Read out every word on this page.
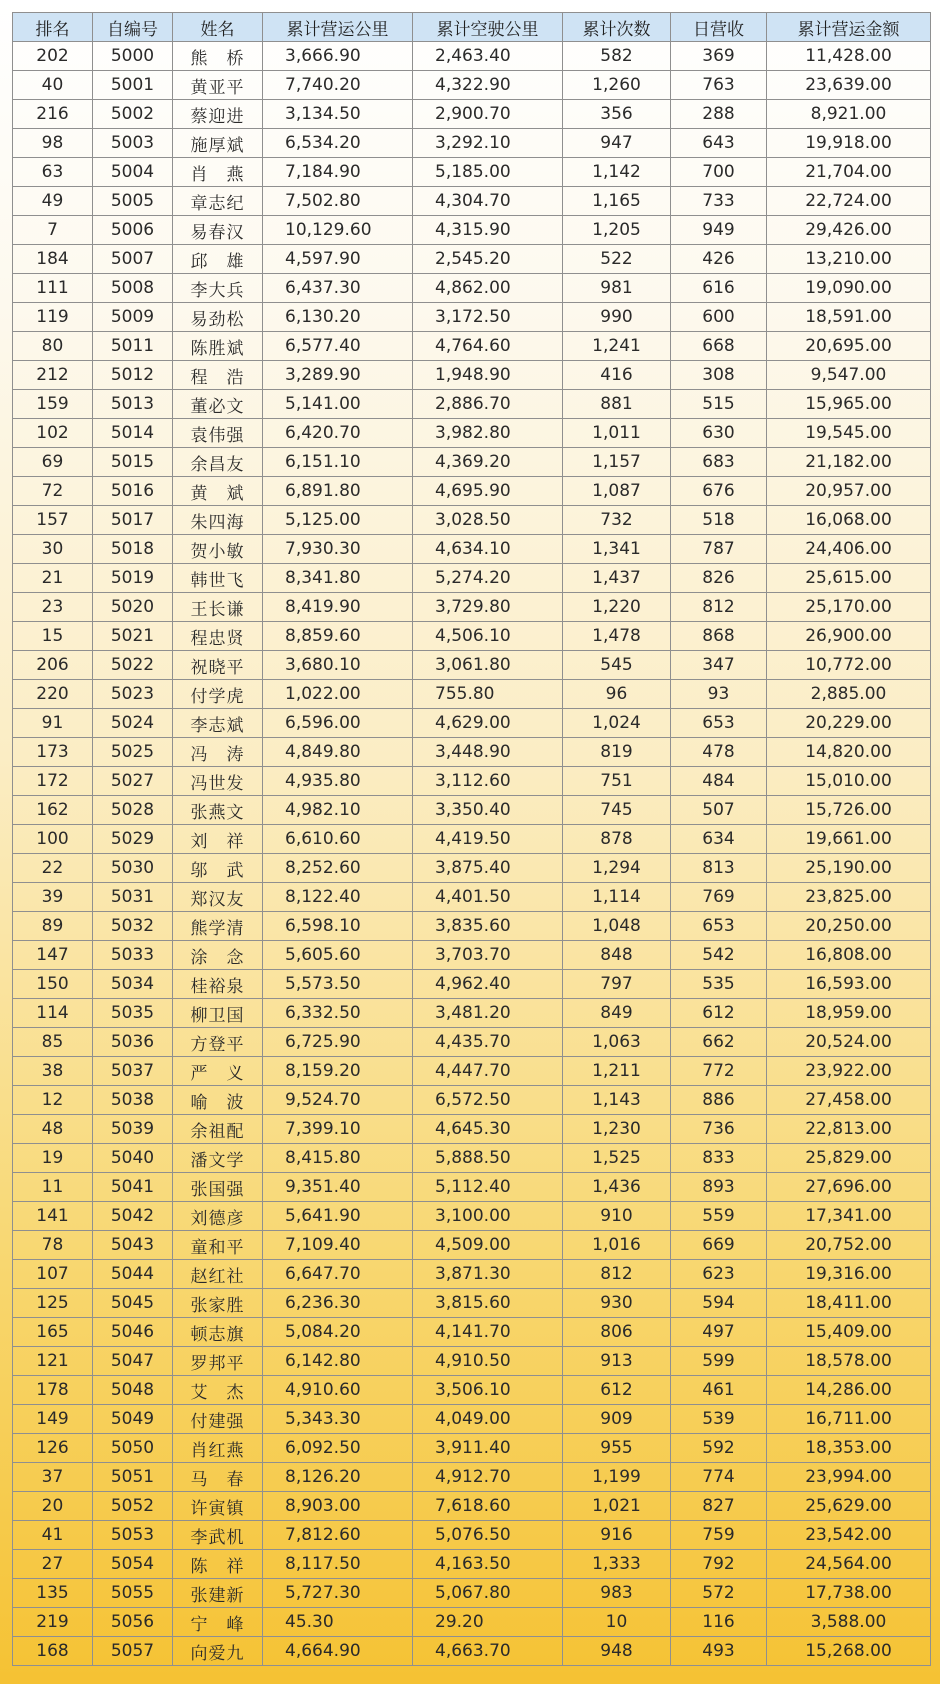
排名	自编号	姓名	累计营运公里	累计空驶公里	累计次数	日营收	累计营运金额
202	5000	熊　桥	3,666.90	2,463.40	582	369	11,428.00
40	5001	黄亚平	7,740.20	4,322.90	1,260	763	23,639.00
216	5002	蔡迎进	3,134.50	2,900.70	356	288	8,921.00
98	5003	施厚斌	6,534.20	3,292.10	947	643	19,918.00
63	5004	肖　燕	7,184.90	5,185.00	1,142	700	21,704.00
49	5005	章志纪	7,502.80	4,304.70	1,165	733	22,724.00
7	5006	易春汉	10,129.60	4,315.90	1,205	949	29,426.00
184	5007	邱　雄	4,597.90	2,545.20	522	426	13,210.00
111	5008	李大兵	6,437.30	4,862.00	981	616	19,090.00
119	5009	易劲松	6,130.20	3,172.50	990	600	18,591.00
80	5011	陈胜斌	6,577.40	4,764.60	1,241	668	20,695.00
212	5012	程　浩	3,289.90	1,948.90	416	308	9,547.00
159	5013	董必文	5,141.00	2,886.70	881	515	15,965.00
102	5014	袁伟强	6,420.70	3,982.80	1,011	630	19,545.00
69	5015	余昌友	6,151.10	4,369.20	1,157	683	21,182.00
72	5016	黄　斌	6,891.80	4,695.90	1,087	676	20,957.00
157	5017	朱四海	5,125.00	3,028.50	732	518	16,068.00
30	5018	贺小敏	7,930.30	4,634.10	1,341	787	24,406.00
21	5019	韩世飞	8,341.80	5,274.20	1,437	826	25,615.00
23	5020	王长谦	8,419.90	3,729.80	1,220	812	25,170.00
15	5021	程忠贤	8,859.60	4,506.10	1,478	868	26,900.00
206	5022	祝晓平	3,680.10	3,061.80	545	347	10,772.00
220	5023	付学虎	1,022.00	755.80	96	93	2,885.00
91	5024	李志斌	6,596.00	4,629.00	1,024	653	20,229.00
173	5025	冯　涛	4,849.80	3,448.90	819	478	14,820.00
172	5027	冯世发	4,935.80	3,112.60	751	484	15,010.00
162	5028	张燕文	4,982.10	3,350.40	745	507	15,726.00
100	5029	刘　祥	6,610.60	4,419.50	878	634	19,661.00
22	5030	邬　武	8,252.60	3,875.40	1,294	813	25,190.00
39	5031	郑汉友	8,122.40	4,401.50	1,114	769	23,825.00
89	5032	熊学清	6,598.10	3,835.60	1,048	653	20,250.00
147	5033	涂　念	5,605.60	3,703.70	848	542	16,808.00
150	5034	桂裕泉	5,573.50	4,962.40	797	535	16,593.00
114	5035	柳卫国	6,332.50	3,481.20	849	612	18,959.00
85	5036	方登平	6,725.90	4,435.70	1,063	662	20,524.00
38	5037	严　义	8,159.20	4,447.70	1,211	772	23,922.00
12	5038	喻　波	9,524.70	6,572.50	1,143	886	27,458.00
48	5039	余祖配	7,399.10	4,645.30	1,230	736	22,813.00
19	5040	潘文学	8,415.80	5,888.50	1,525	833	25,829.00
11	5041	张国强	9,351.40	5,112.40	1,436	893	27,696.00
141	5042	刘德彦	5,641.90	3,100.00	910	559	17,341.00
78	5043	童和平	7,109.40	4,509.00	1,016	669	20,752.00
107	5044	赵红社	6,647.70	3,871.30	812	623	19,316.00
125	5045	张家胜	6,236.30	3,815.60	930	594	18,411.00
165	5046	顿志旗	5,084.20	4,141.70	806	497	15,409.00
121	5047	罗邦平	6,142.80	4,910.50	913	599	18,578.00
178	5048	艾　杰	4,910.60	3,506.10	612	461	14,286.00
149	5049	付建强	5,343.30	4,049.00	909	539	16,711.00
126	5050	肖红燕	6,092.50	3,911.40	955	592	18,353.00
37	5051	马　春	8,126.20	4,912.70	1,199	774	23,994.00
20	5052	许寅镇	8,903.00	7,618.60	1,021	827	25,629.00
41	5053	李武机	7,812.60	5,076.50	916	759	23,542.00
27	5054	陈　祥	8,117.50	4,163.50	1,333	792	24,564.00
135	5055	张建新	5,727.30	5,067.80	983	572	17,738.00
219	5056	宁　峰	45.30	29.20	10	116	3,588.00
168	5057	向爱九	4,664.90	4,663.70	948	493	15,268.00
